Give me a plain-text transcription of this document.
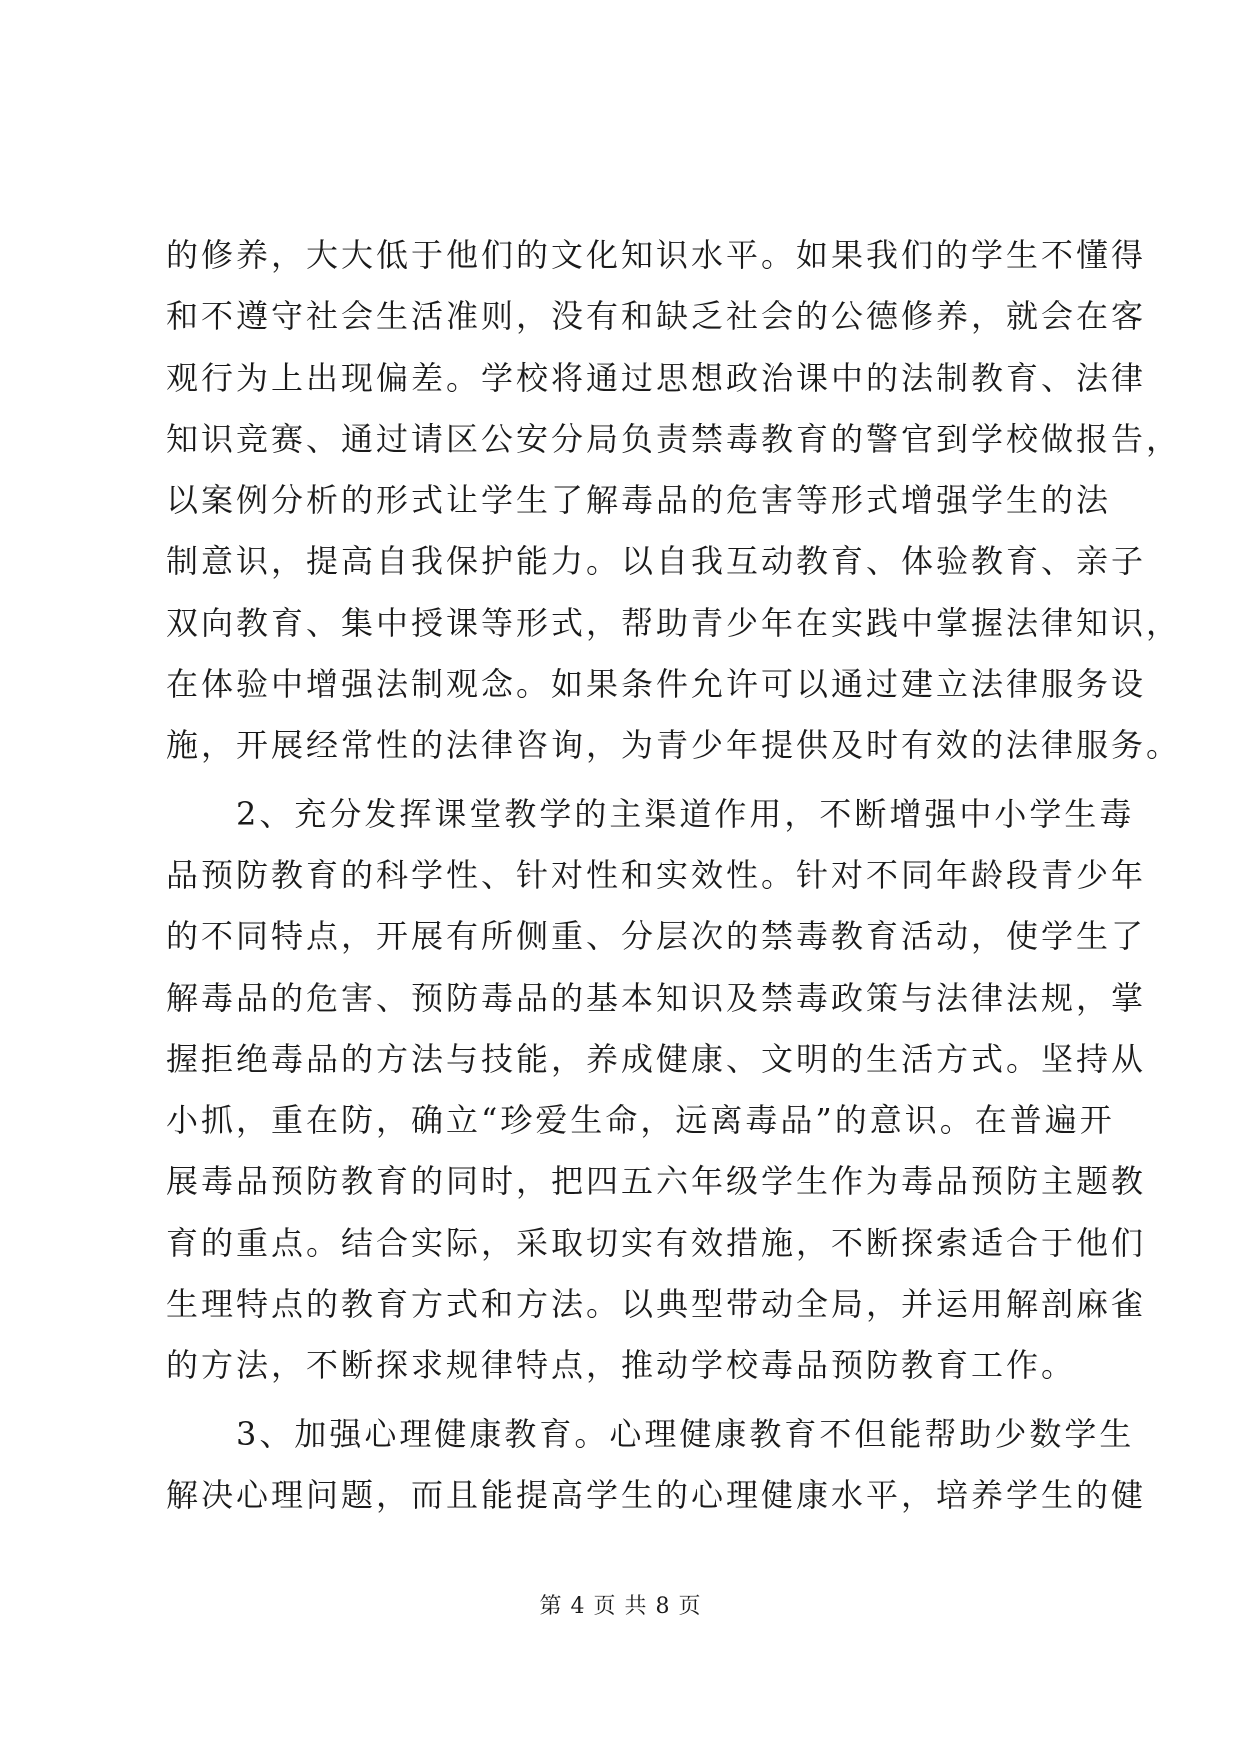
的修养，大大低于他们的文化知识水平。如果我们的学生不懂得
和不遵守社会生活准则，没有和缺乏社会的公德修养，就会在客
观行为上出现偏差。学校将通过思想政治课中的法制教育、法律
知识竞赛、通过请区公安分局负责禁毒教育的警官到学校做报告，
以案例分析的形式让学生了解毒品的危害等形式增强学生的法
制意识，提高自我保护能力。以自我互动教育、体验教育、亲子
双向教育、集中授课等形式，帮助青少年在实践中掌握法律知识，
在体验中增强法制观念。如果条件允许可以通过建立法律服务设
施，开展经常性的法律咨询，为青少年提供及时有效的法律服务。
　　2、充分发挥课堂教学的主渠道作用，不断增强中小学生毒
品预防教育的科学性、针对性和实效性。针对不同年龄段青少年
的不同特点，开展有所侧重、分层次的禁毒教育活动，使学生了
解毒品的危害、预防毒品的基本知识及禁毒政策与法律法规，掌
握拒绝毒品的方法与技能，养成健康、文明的生活方式。坚持从
小抓，重在防，确立“珍爱生命，远离毒品”的意识。在普遍开
展毒品预防教育的同时，把四五六年级学生作为毒品预防主题教
育的重点。结合实际，采取切实有效措施，不断探索适合于他们
生理特点的教育方式和方法。以典型带动全局，并运用解剖麻雀
的方法，不断探求规律特点，推动学校毒品预防教育工作。
　　3、加强心理健康教育。心理健康教育不但能帮助少数学生
解决心理问题，而且能提高学生的心理健康水平，培养学生的健
第 4 页 共 8 页
